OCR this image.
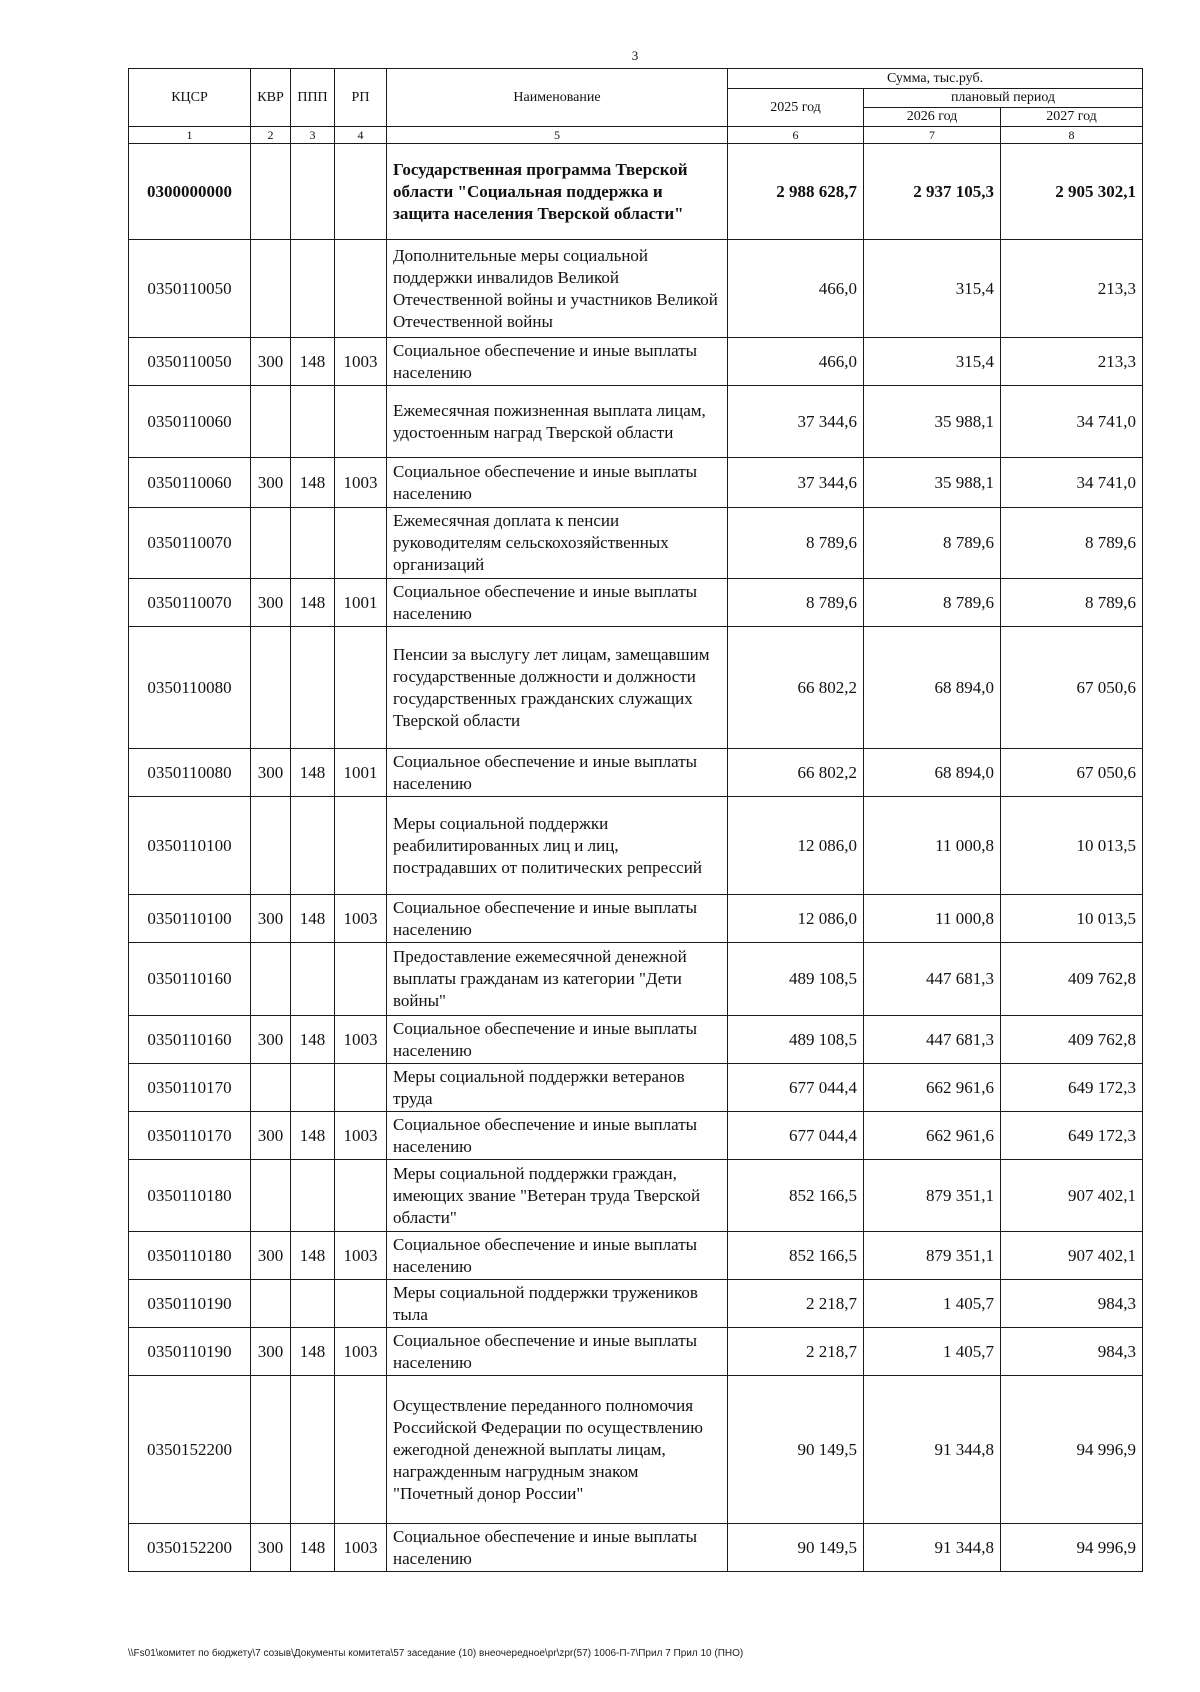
3
КЦСР	КВР	ППП	РП	Наименование	Сумма, тыс.руб.		
					2025 год	плановый период	
						2026 год	2027 год
1	2	3	4	5	6	7	8
0300000000				Государственная программа Тверской области "Социальная поддержка и защита населения Тверской области"	2 988 628,7	2 937 105,3	2 905 302,1
0350110050				Дополнительные меры социальной поддержки инвалидов Великой Отечественной войны и участников Великой Отечественной войны	466,0	315,4	213,3
0350110050	300	148	1003	Социальное обеспечение и иные выплаты населению	466,0	315,4	213,3
0350110060				Ежемесячная пожизненная выплата лицам, удостоенным наград Тверской области	37 344,6	35 988,1	34 741,0
0350110060	300	148	1003	Социальное обеспечение и иные выплаты населению	37 344,6	35 988,1	34 741,0
0350110070				Ежемесячная доплата к пенсии руководителям сельскохозяйственных организаций	8 789,6	8 789,6	8 789,6
0350110070	300	148	1001	Социальное обеспечение и иные выплаты населению	8 789,6	8 789,6	8 789,6
0350110080				Пенсии за выслугу лет лицам, замещавшим государственные должности и должности государственных гражданских служащих Тверской области	66 802,2	68 894,0	67 050,6
0350110080	300	148	1001	Социальное обеспечение и иные выплаты населению	66 802,2	68 894,0	67 050,6
0350110100				Меры социальной поддержки реабилитированных лиц и лиц, пострадавших от политических репрессий	12 086,0	11 000,8	10 013,5
0350110100	300	148	1003	Социальное обеспечение и иные выплаты населению	12 086,0	11 000,8	10 013,5
0350110160				Предоставление ежемесячной денежной выплаты гражданам из категории "Дети войны"	489 108,5	447 681,3	409 762,8
0350110160	300	148	1003	Социальное обеспечение и иные выплаты населению	489 108,5	447 681,3	409 762,8
0350110170				Меры социальной поддержки ветеранов труда	677 044,4	662 961,6	649 172,3
0350110170	300	148	1003	Социальное обеспечение и иные выплаты населению	677 044,4	662 961,6	649 172,3
0350110180				Меры социальной поддержки граждан, имеющих звание "Ветеран труда Тверской области"	852 166,5	879 351,1	907 402,1
0350110180	300	148	1003	Социальное обеспечение и иные выплаты населению	852 166,5	879 351,1	907 402,1
0350110190				Меры социальной поддержки тружеников тыла	2 218,7	1 405,7	984,3
0350110190	300	148	1003	Социальное обеспечение и иные выплаты населению	2 218,7	1 405,7	984,3
0350152200				Осуществление переданного полномочия Российской Федерации по осуществлению ежегодной денежной выплаты лицам, награжденным нагрудным знаком "Почетный донор России"	90 149,5	91 344,8	94 996,9
0350152200	300	148	1003	Социальное обеспечение и иные выплаты населению	90 149,5	91 344,8	94 996,9
\\Fs01\комитет по бюджету\7 созыв\Документы комитета\57 заседание (10) внеочередное\pr\zpr(57) 1006-П-7\Прил 7 Прил 10 (ПНО)
